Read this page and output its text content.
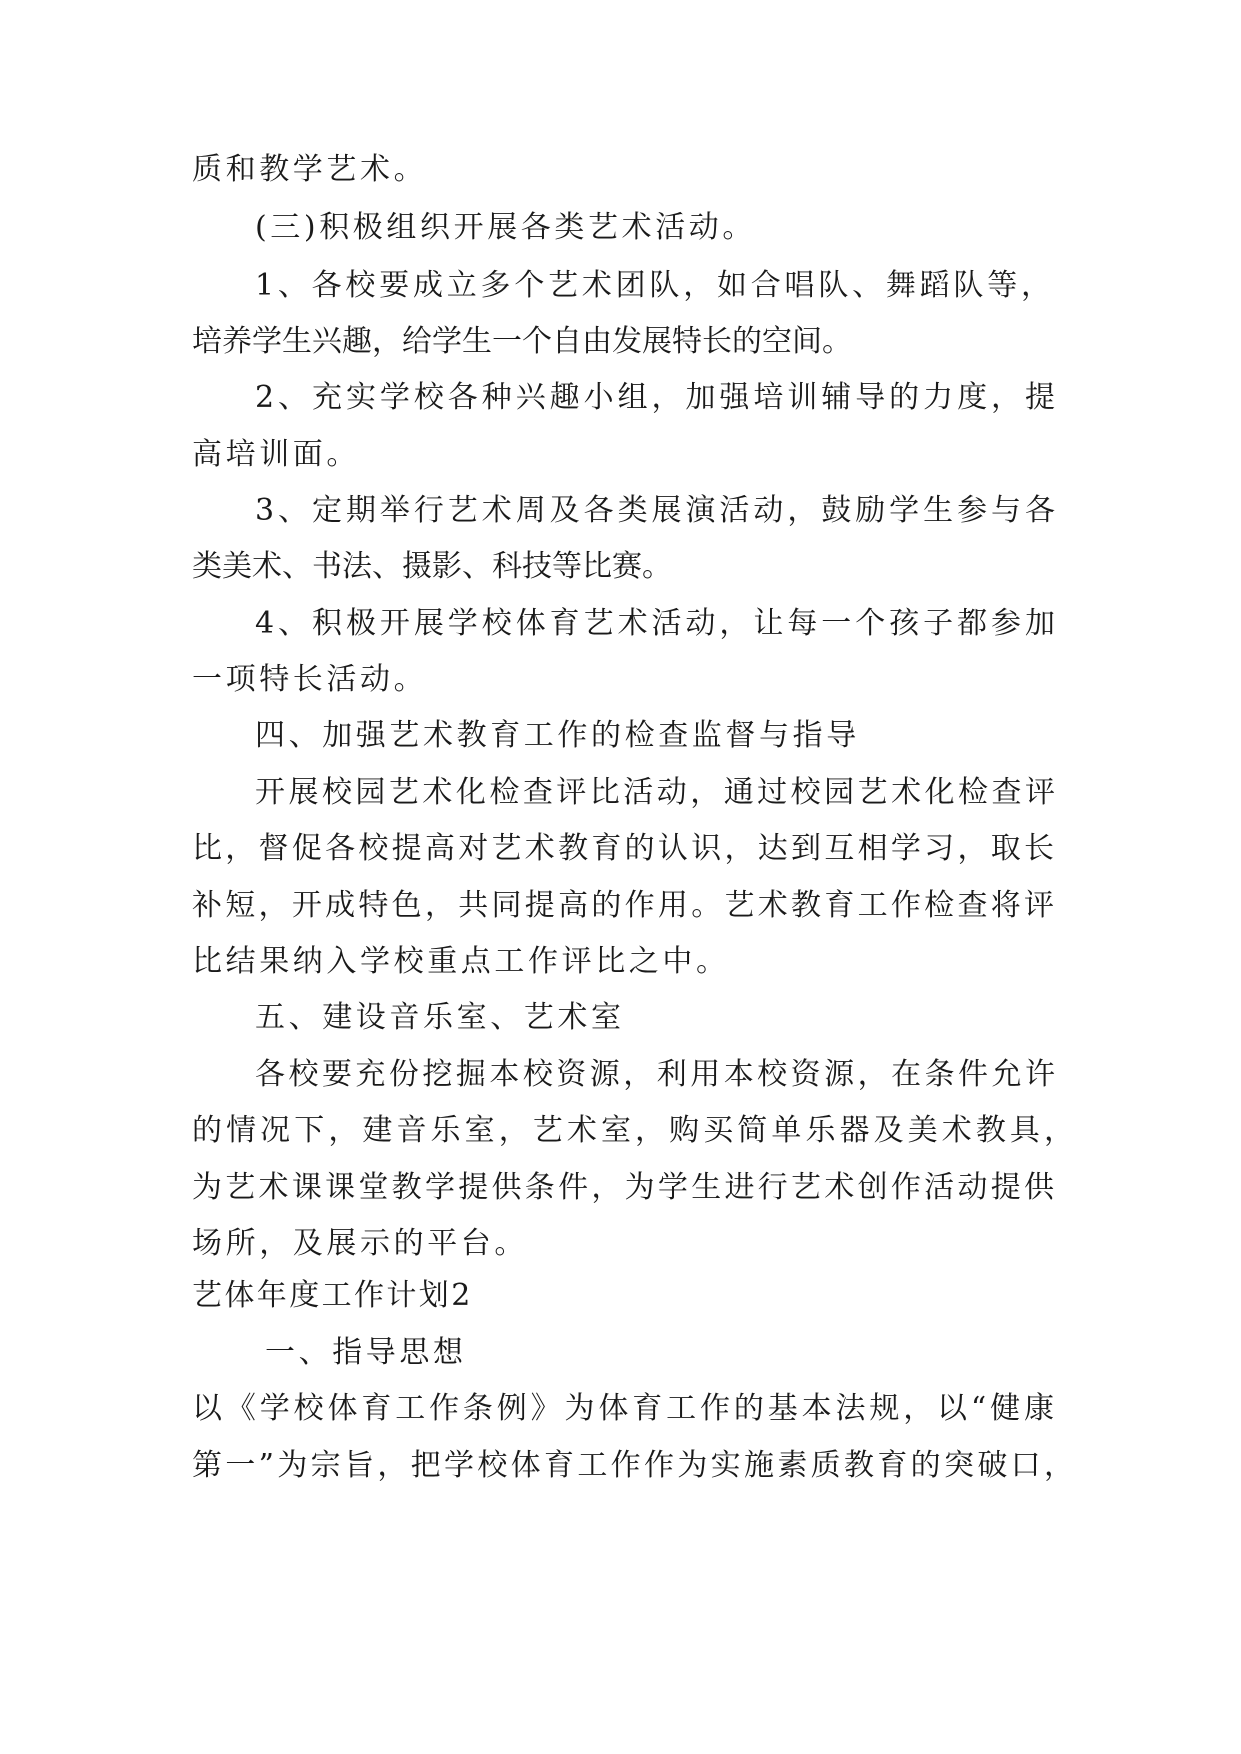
质和教学艺术。

(三)积极组织开展各类艺术活动。

1、各校要成立多个艺术团队，如合唱队、舞蹈队等，

培养学生兴趣，给学生一个自由发展特长的空间。

2、充实学校各种兴趣小组，加强培训辅导的力度，提

高培训面。

3、定期举行艺术周及各类展演活动，鼓励学生参与各

类美术、书法、摄影、科技等比赛。

4、积极开展学校体育艺术活动，让每一个孩子都参加

一项特长活动。

四、加强艺术教育工作的检查监督与指导

开展校园艺术化检查评比活动，通过校园艺术化检查评

比，督促各校提高对艺术教育的认识，达到互相学习，取长

补短，开成特色，共同提高的作用。艺术教育工作检查将评

比结果纳入学校重点工作评比之中。

五、建设音乐室、艺术室

各校要充份挖掘本校资源，利用本校资源，在条件允许

的情况下，建音乐室，艺术室，购买简单乐器及美术教具，

为艺术课课堂教学提供条件，为学生进行艺术创作活动提供

场所，及展示的平台。

艺体年度工作计划2

一、指导思想

以《学校体育工作条例》为体育工作的基本法规，以“健康

第一”为宗旨，把学校体育工作作为实施素质教育的突破口，
